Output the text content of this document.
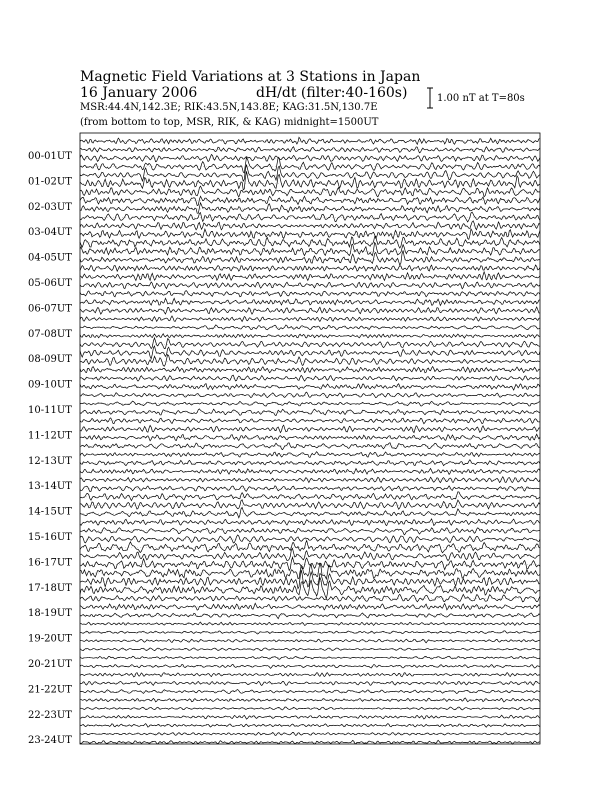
Magnetic Field Variations at 3 Stations in Japan
16 January 2006	dH/dt (filter:40-160s)
MSR:44.4N,142.3E; RIK:43.5N,143.8E; KAG:31.5N,130.7E
(from bottom to top, MSR, RIK, & KAG) midnight=1500UT
1.00 nT at T=80s
00-01UT
01-02UT
02-03UT
03-04UT
04-05UT
05-06UT
06-07UT
07-08UT
08-09UT
09-10UT
10-11UT
11-12UT
12-13UT
13-14UT
14-15UT
15-16UT
16-17UT
17-18UT
18-19UT
19-20UT
20-21UT
21-22UT
22-23UT
23-24UT
